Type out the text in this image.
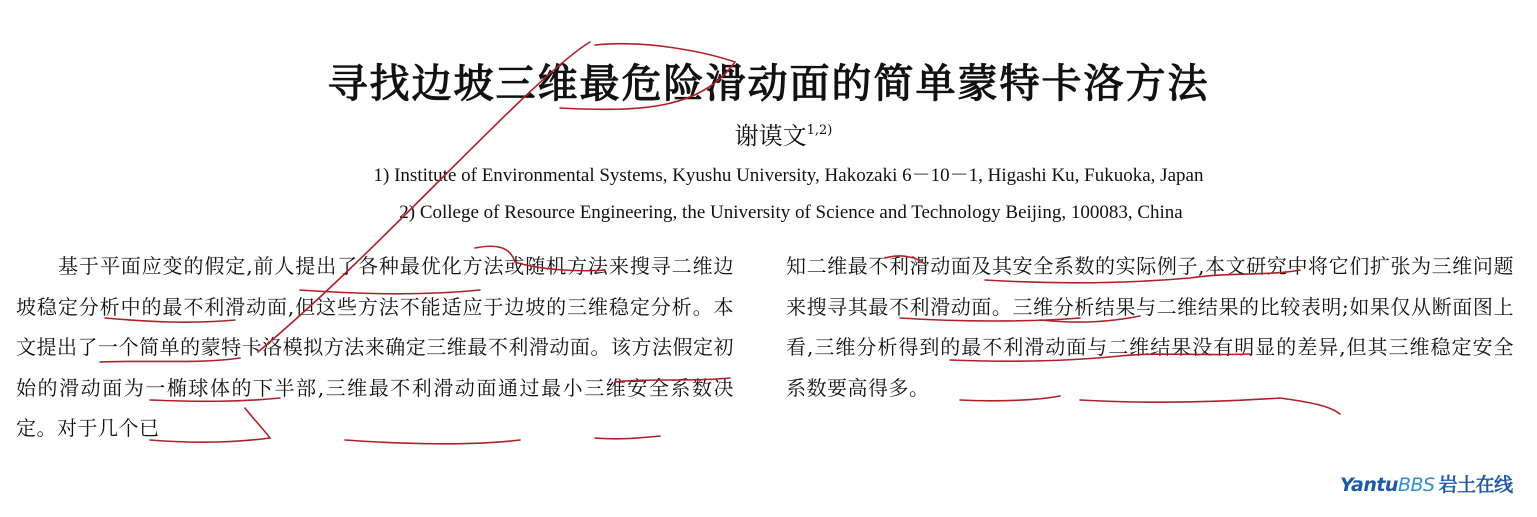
寻找边坡三维最危险滑动面的简单蒙特卡洛方法
谢谟文$^{1,2)}$
1) Institute of Environmental Systems, Kyushu University, Hakozaki 6－10－1, Higashi Ku, Fukuoka, Japan
2) College of Resource Engineering, the University of Science and Technology Beijing, 100083, China
基于平面应变的假定,前人提出了各种最优化方法或随机方法来搜寻二维边坡稳定分析中的最不利滑动面,但这些方法不能适应于边坡的三维稳定分析。本文提出了一个简单的蒙特卡洛模拟方法来确定三维最不利滑动面。该方法假定初始的滑动面为一椭球体的下半部,三维最不利滑动面通过最小三维安全系数决定。对于几个已
知二维最不利滑动面及其安全系数的实际例子,本文研究中将它们扩张为三维问题来搜寻其最不利滑动面。三维分析结果与二维结果的比较表明;如果仅从断面图上看,三维分析得到的最不利滑动面与二维结果没有明显的差异,但其三维稳定安全系数要高得多。
YantuBBS 岩土在线
